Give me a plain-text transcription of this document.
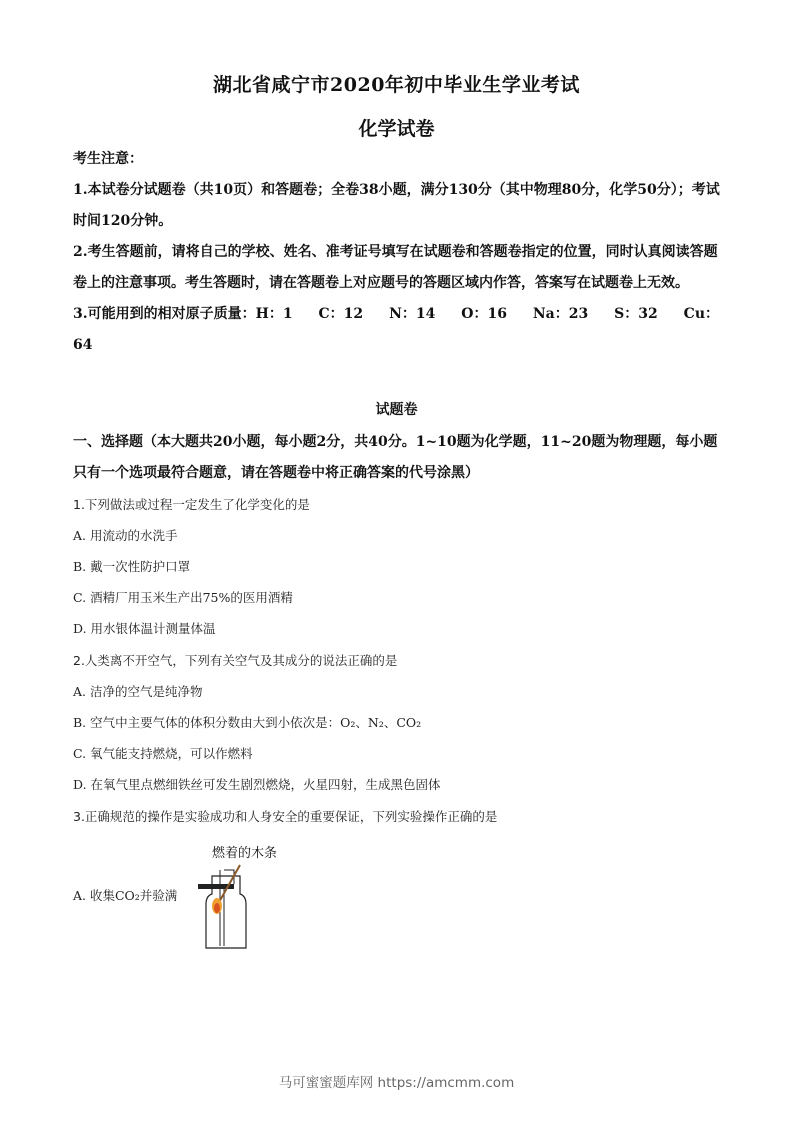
湖北省咸宁市2020年初中毕业生学业考试
化学试卷

考生注意：

1.本试卷分试题卷（共10页）和答题卷；全卷38小题，满分130分（其中物理80分，化学50分）；考试时间120分钟。

2.考生答题前，请将自己的学校、姓名、准考证号填写在试题卷和答题卷指定的位置，同时认真阅读答题卷上的注意事项。考生答题时，请在答题卷上对应题号的答题区域内作答，答案写在试题卷上无效。

3.可能用到的相对原子质量：H：1 C：12 N：14 O：16 Na：23 S：32 Cu：

64

试题卷
一、选择题（本大题共20小题，每小题2分，共40分。1~10题为化学题，11~20题为物理题，每小题只有一个选项最符合题意，请在答题卷中将正确答案的代号涂黑）
1.下列做法或过程一定发生了化学变化的是
A. 用流动的水洗手
B. 戴一次性防护口罩
C. 酒精厂用玉米生产出75%的医用酒精
D. 用水银体温计测量体温
2.人类离不开空气，下列有关空气及其成分的说法正确的是
A. 洁净的空气是纯净物
B. 空气中主要气体的体积分数由大到小依次是：O₂、N₂、CO₂
C. 氧气能支持燃烧，可以作燃料
D. 在氧气里点燃细铁丝可发生剧烈燃烧，火星四射，生成黑色固体
3.正确规范的操作是实验成功和人身安全的重要保证，下列实验操作正确的是
燃着的木条
A. 收集CO₂并验满
马可蜜蜜题库网 https://amcmm.com
